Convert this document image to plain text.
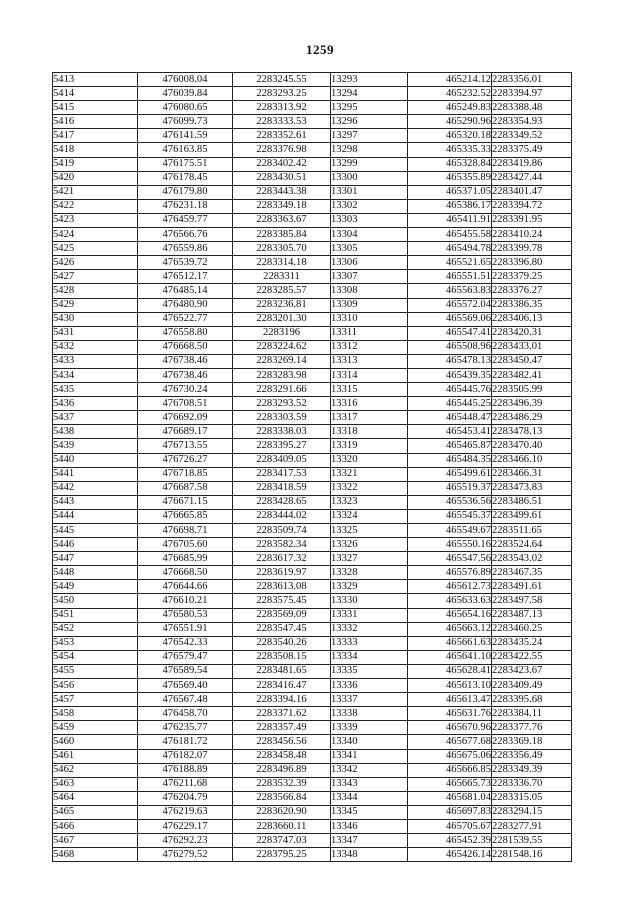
1259
5413	476008.04	2283245.55	13293	465214.12	2283356.01
5414	476039.84	2283293.25	13294	465232.52	2283394.97
5415	476080.65	2283313.92	13295	465249.83	2283388.48
5416	476099.73	2283333.53	13296	465290.96	2283354.93
5417	476141.59	2283352.61	13297	465320.18	2283349.52
5418	476163.85	2283376.98	13298	465335.33	2283375.49
5419	476175.51	2283402.42	13299	465328.84	2283419.86
5420	476178.45	2283430.51	13300	465355.89	2283427.44
5421	476179.80	2283443.38	13301	465371.05	2283401.47
5422	476231.18	2283349.18	13302	465386.17	2283394.72
5423	476459.77	2283363.67	13303	465411.91	2283391.95
5424	476566.76	2283385.84	13304	465455.58	2283410.24
5425	476559.86	2283305.70	13305	465494.78	2283399.78
5426	476539.72	2283314.18	13306	465521.65	2283396.80
5427	476512.17	2283311	13307	465551.51	2283379.25
5428	476485.14	2283285.57	13308	465563.83	2283376.27
5429	476480.90	2283236.81	13309	465572.04	2283386.35
5430	476522.77	2283201.30	13310	465569.06	2283406.13
5431	476558.80	2283196	13311	465547.41	2283420.31
5432	476668.50	2283224.62	13312	465508.96	2283433.01
5433	476738.46	2283269.14	13313	465478.13	2283450.47
5434	476738.46	2283283.98	13314	465439.35	2283482.41
5435	476730.24	2283291.66	13315	465445.76	2283505.99
5436	476708.51	2283293.52	13316	465445.25	2283496.39
5437	476692.09	2283303.59	13317	465448.47	2283486.29
5438	476689.17	2283338.03	13318	465453.41	2283478.13
5439	476713.55	2283395.27	13319	465465.87	2283470.40
5440	476726.27	2283409.05	13320	465484.35	2283466.10
5441	476718.85	2283417.53	13321	465499.61	2283466.31
5442	476687.58	2283418.59	13322	465519.37	2283473.83
5443	476671.15	2283428.65	13323	465536.56	2283486.51
5444	476665.85	2283444.02	13324	465545.37	2283499.61
5445	476698.71	2283509.74	13325	465549.67	2283511.65
5446	476705.60	2283582.34	13326	465550.16	2283524.64
5447	476685.99	2283617.32	13327	465547.56	2283543.02
5448	476668.50	2283619.97	13328	465576.89	2283467.35
5449	476644.66	2283613.08	13329	465612.73	2283491.61
5450	476610.21	2283575.45	13330	465633.63	2283497.58
5451	476580.53	2283569.09	13331	465654.16	2283487.13
5452	476551.91	2283547.45	13332	465663.12	2283460.25
5453	476542.33	2283540.26	13333	465661.63	2283435.24
5454	476579.47	2283508.15	13334	465641.10	2283422.55
5455	476589.54	2283481.65	13335	465628.41	2283423.67
5456	476569.40	2283416.47	13336	465613.10	2283409.49
5457	476567.48	2283394.16	13337	465613.47	2283395.68
5458	476458.70	2283371.62	13338	465631.76	2283384.11
5459	476235.77	2283357.49	13339	465670.96	2283377.76
5460	476181.72	2283456.56	13340	465677.68	2283369.18
5461	476182.07	2283458.48	13341	465675.06	2283356.49
5462	476188.89	2283496.89	13342	465666.85	2283349.39
5463	476211.68	2283532.39	13343	465665.73	2283336.70
5464	476204.79	2283566.84	13344	465681.04	2283315.05
5465	476219.63	2283620.90	13345	465697.83	2283294.15
5466	476229.17	2283660.11	13346	465705.67	2283277.91
5467	476292.23	2283747.03	13347	465452.39	2281539.55
5468	476279.52	2283795.25	13348	465426.14	2281548.16
